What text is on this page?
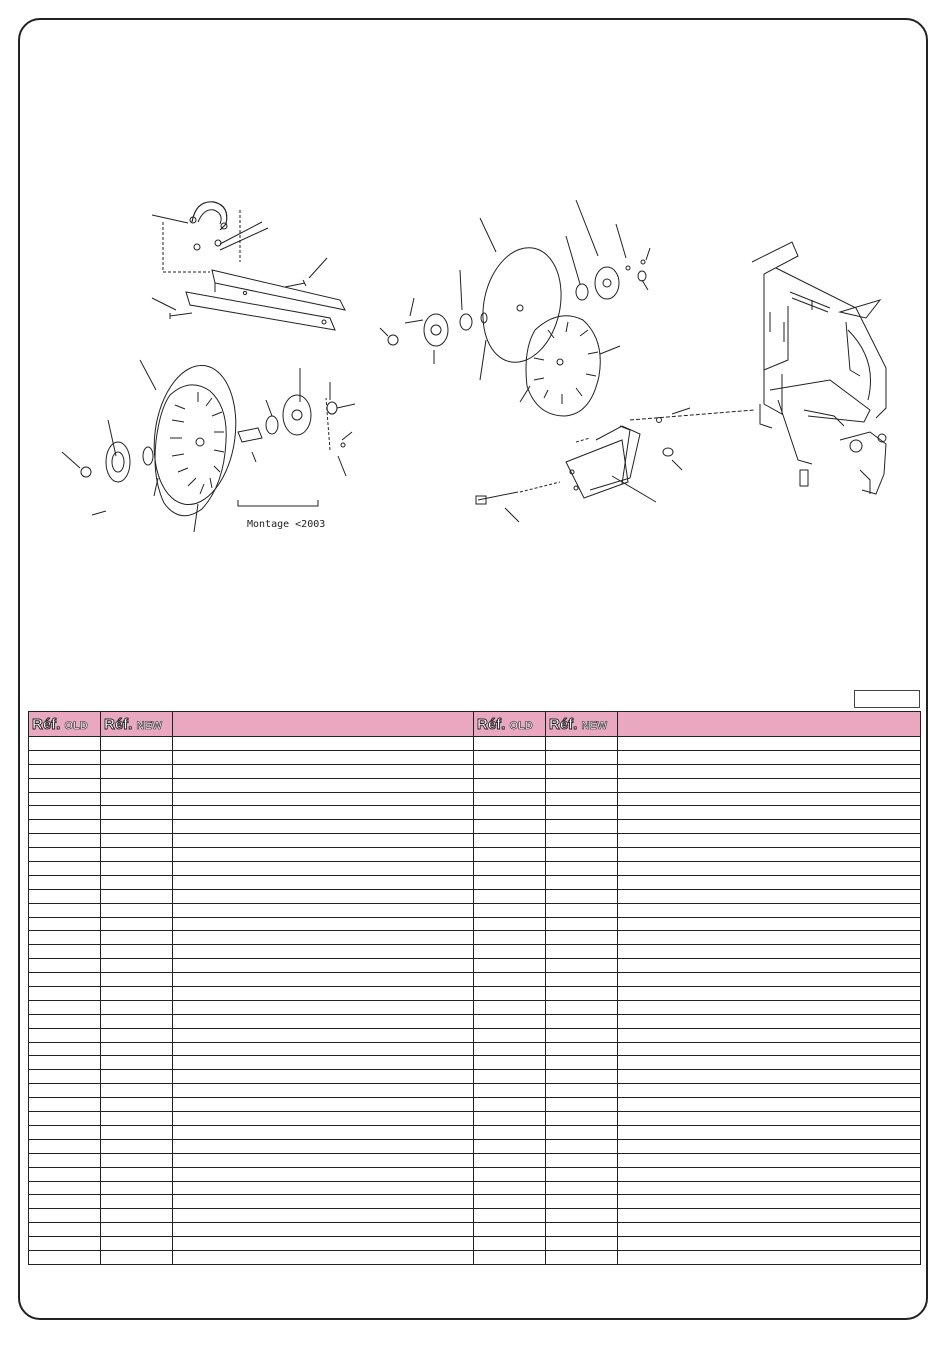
Montage <2003
Réf. OLD	Réf. NEW		Réf. OLD	Réf. NEW	
